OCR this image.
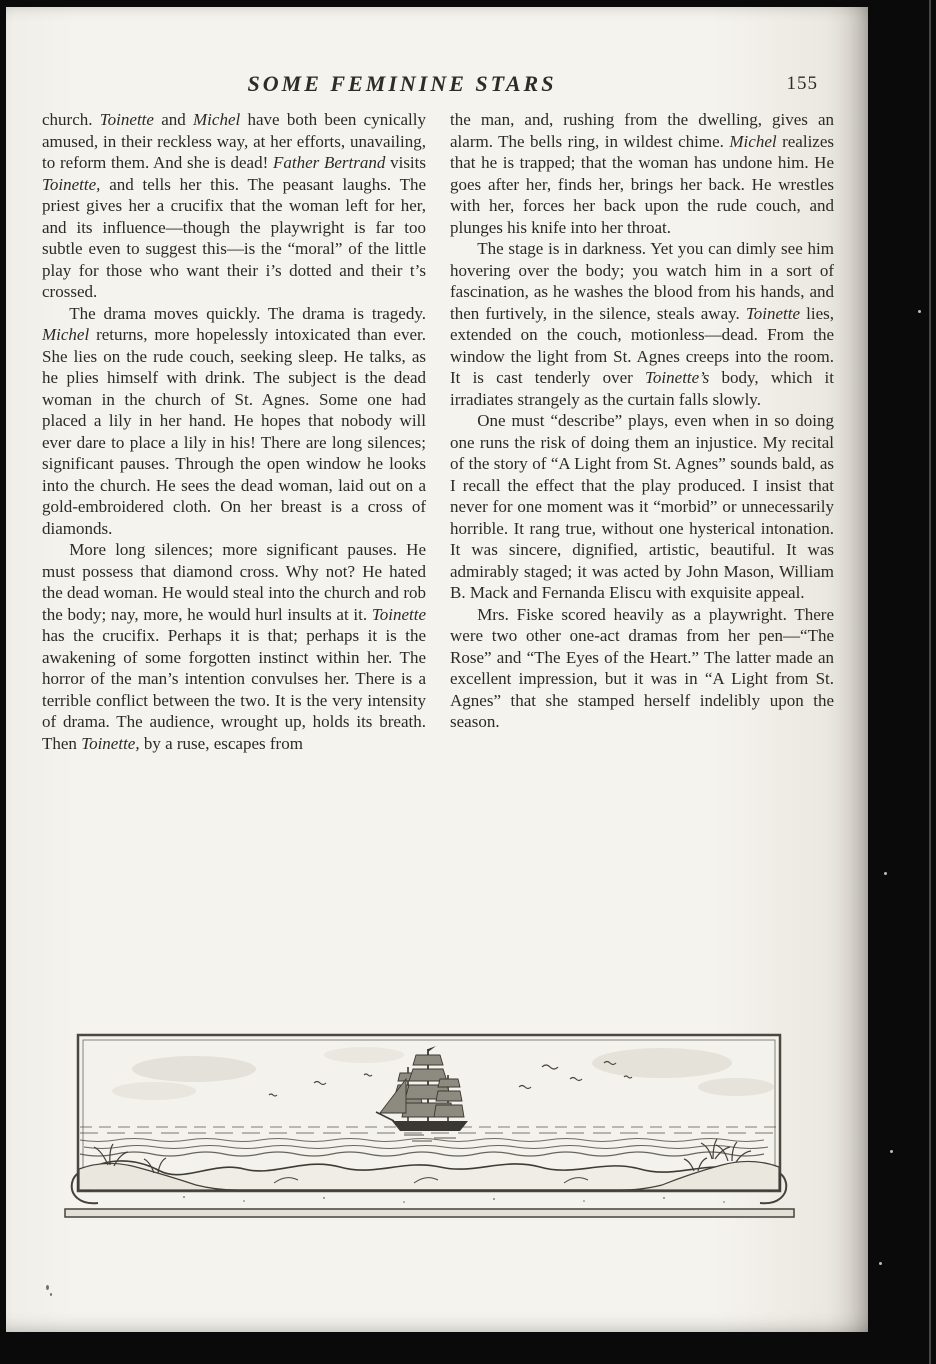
SOME FEMININE STARS	155

church. Toinette and Michel have both been cynically amused, in their reckless way, at her efforts, unavailing, to reform them. And she is dead! Father Bertrand visits Toinette, and tells her this. The peasant laughs. The priest gives her a crucifix that the woman left for her, and its influence—though the playwright is far too subtle even to suggest this—is the “moral” of the little play for those who want their i’s dotted and their t’s crossed.

The drama moves quickly. The drama is tragedy. Michel returns, more hopelessly intoxicated than ever. She lies on the rude couch, seeking sleep. He talks, as he plies himself with drink. The subject is the dead woman in the church of St. Agnes. Some one had placed a lily in her hand. He hopes that nobody will ever dare to place a lily in his! There are long silences; significant pauses. Through the open window he looks into the church. He sees the dead woman, laid out on a gold-embroidered cloth. On her breast is a cross of diamonds.

More long silences; more significant pauses. He must possess that diamond cross. Why not? He hated the dead woman. He would steal into the church and rob the body; nay, more, he would hurl insults at it. Toinette has the crucifix. Perhaps it is that; perhaps it is the awakening of some forgotten instinct within her. The horror of the man’s intention convulses her. There is a terrible conflict between the two. It is the very intensity of drama. The audience, wrought up, holds its breath. Then Toinette, by a ruse, escapes from

the man, and, rushing from the dwelling, gives an alarm. The bells ring, in wildest chime. Michel realizes that he is trapped; that the woman has undone him. He goes after her, finds her, brings her back. He wrestles with her, forces her back upon the rude couch, and plunges his knife into her throat.

The stage is in darkness. Yet you can dimly see him hovering over the body; you watch him in a sort of fascination, as he washes the blood from his hands, and then furtively, in the silence, steals away. Toinette lies, extended on the couch, motionless—dead. From the window the light from St. Agnes creeps into the room. It is cast tenderly over Toinette’s body, which it irradiates strangely as the curtain falls slowly.

One must “describe” plays, even when in so doing one runs the risk of doing them an injustice. My recital of the story of “A Light from St. Agnes” sounds bald, as I recall the effect that the play produced. I insist that never for one moment was it “morbid” or unnecessarily horrible. It rang true, without one hysterical intonation. It was sincere, dignified, artistic, beautiful. It was admirably staged; it was acted by John Mason, William B. Mack and Fernanda Eliscu with exquisite appeal.

Mrs. Fiske scored heavily as a playwright. There were two other one-act dramas from her pen—“The Rose” and “The Eyes of the Heart.” The latter made an excellent impression, but it was in “A Light from St. Agnes” that she stamped herself indelibly upon the season.
